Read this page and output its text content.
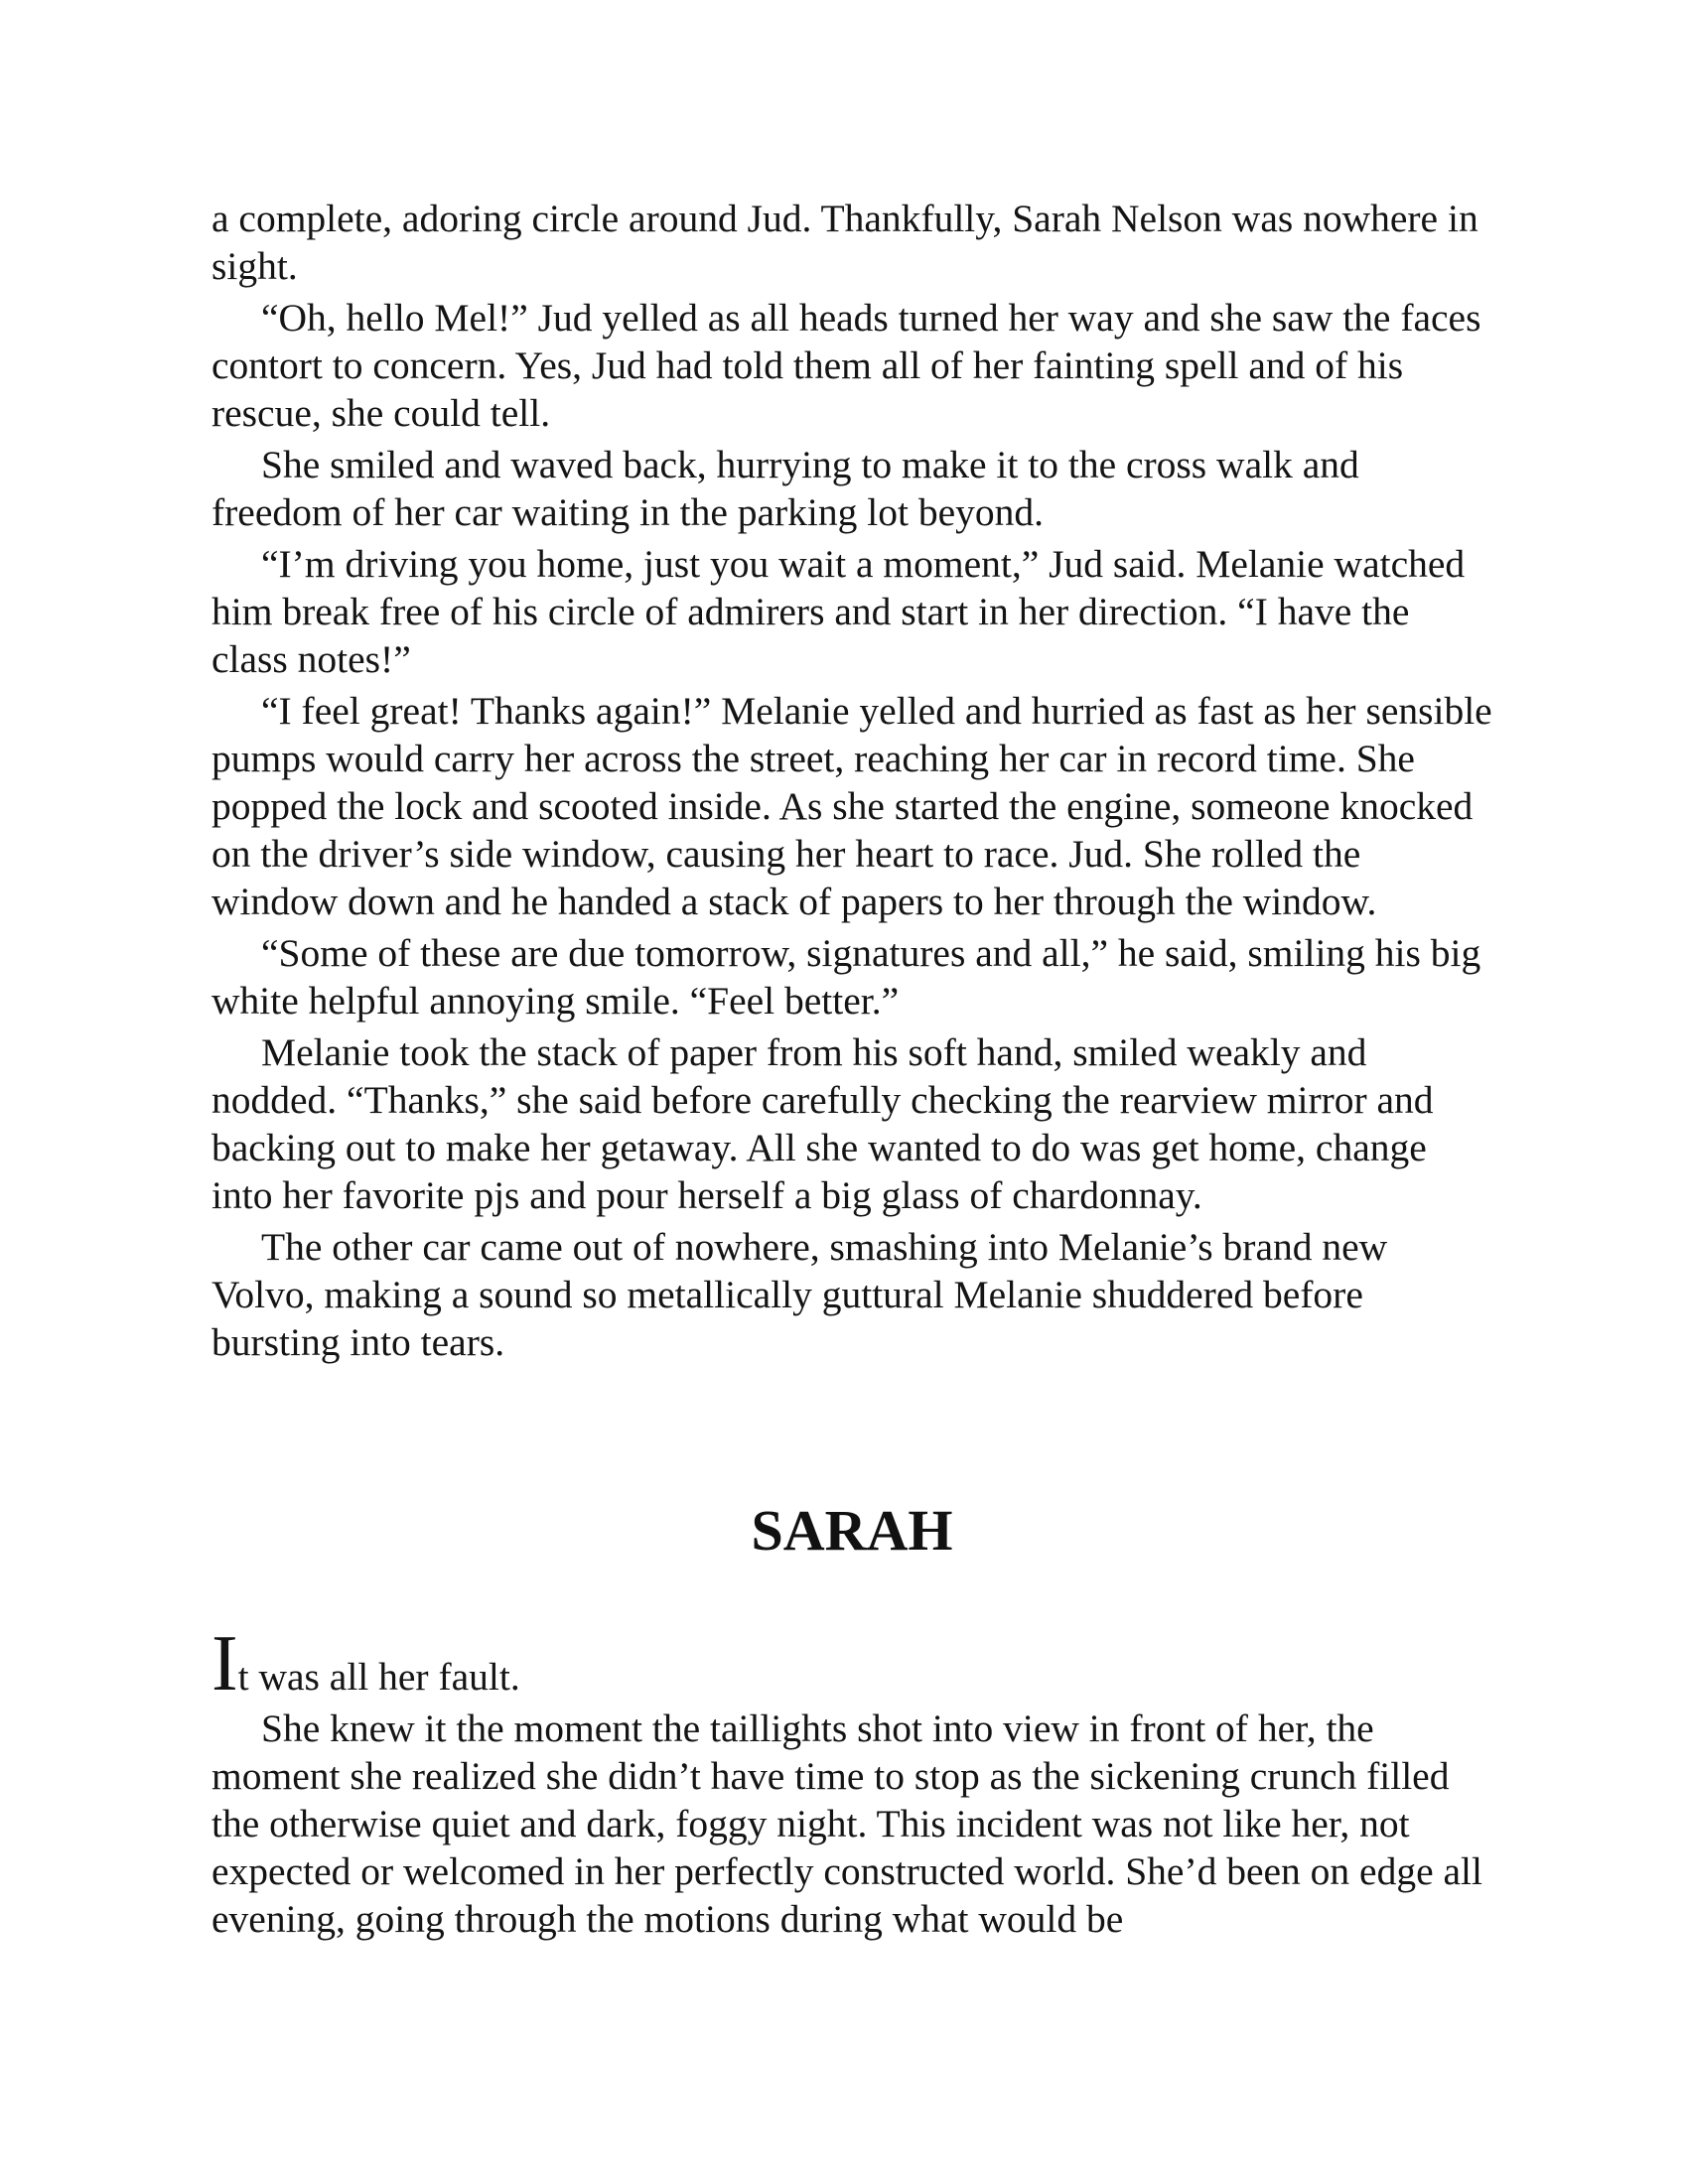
a complete, adoring circle around Jud. Thankfully, Sarah Nelson was nowhere in sight.

“Oh, hello Mel!” Jud yelled as all heads turned her way and she saw the faces contort to concern. Yes, Jud had told them all of her fainting spell and of his rescue, she could tell.

She smiled and waved back, hurrying to make it to the cross walk and freedom of her car waiting in the parking lot beyond.

“I’m driving you home, just you wait a moment,” Jud said. Melanie watched him break free of his circle of admirers and start in her direction. “I have the class notes!”

“I feel great! Thanks again!” Melanie yelled and hurried as fast as her sensible pumps would carry her across the street, reaching her car in record time. She popped the lock and scooted inside. As she started the engine, someone knocked on the driver’s side window, causing her heart to race. Jud. She rolled the window down and he handed a stack of papers to her through the window.

“Some of these are due tomorrow, signatures and all,” he said, smiling his big white helpful annoying smile. “Feel better.”

Melanie took the stack of paper from his soft hand, smiled weakly and nodded. “Thanks,” she said before carefully checking the rearview mirror and backing out to make her getaway. All she wanted to do was get home, change into her favorite pjs and pour herself a big glass of chardonnay.

The other car came out of nowhere, smashing into Melanie’s brand new Volvo, making a sound so metallically guttural Melanie shuddered before bursting into tears.

SARAH

It was all her fault.

She knew it the moment the taillights shot into view in front of her, the moment she realized she didn’t have time to stop as the sickening crunch filled the otherwise quiet and dark, foggy night. This incident was not like her, not expected or welcomed in her perfectly constructed world. She’d been on edge all evening, going through the motions during what would be
